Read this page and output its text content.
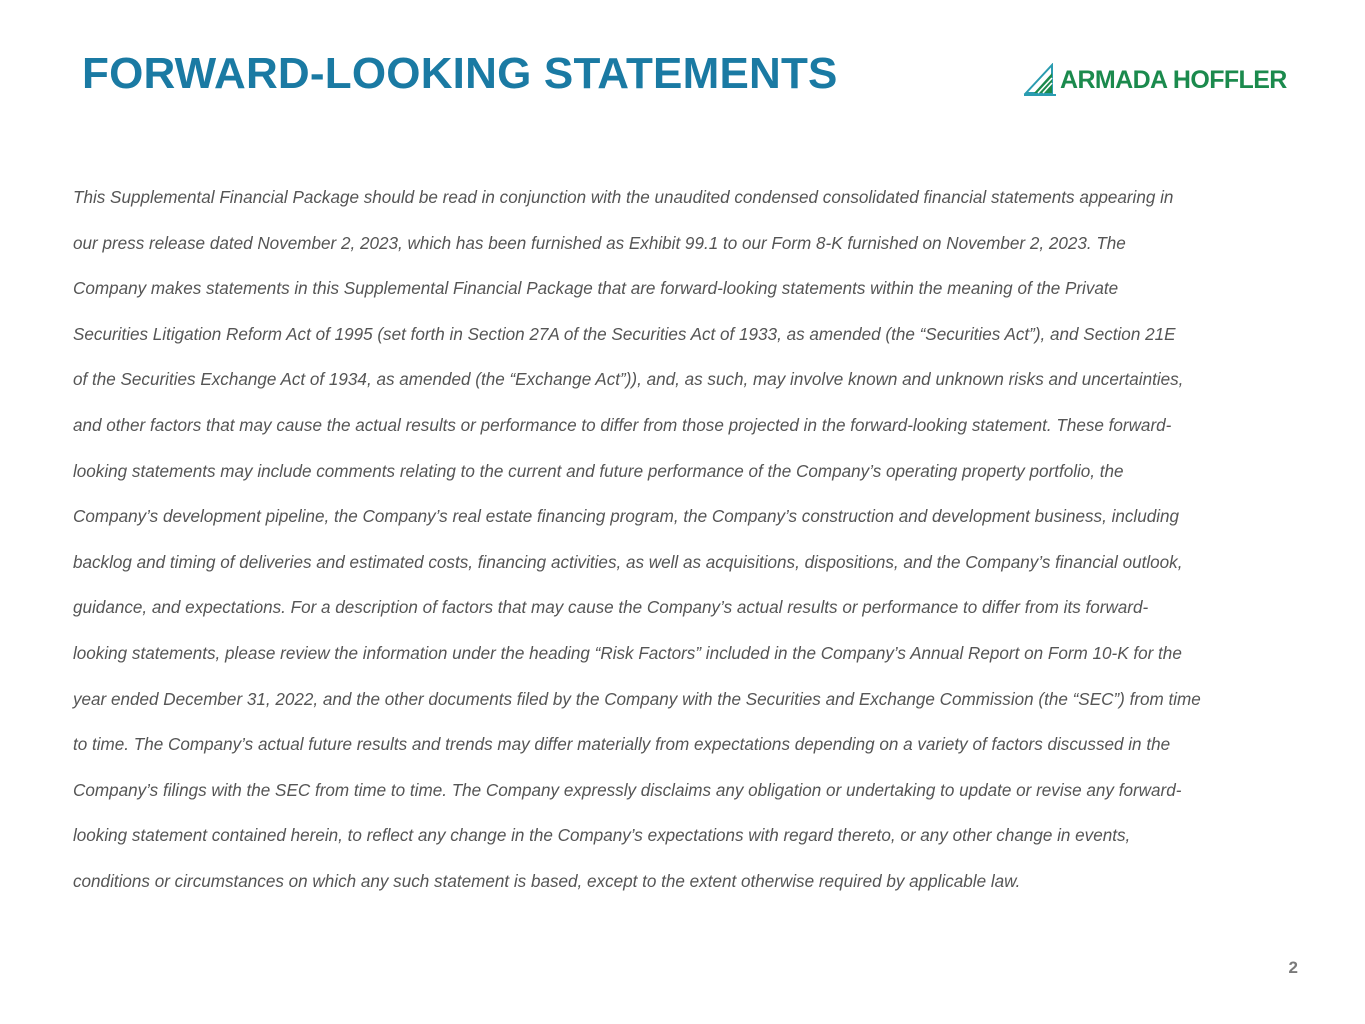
FORWARD-LOOKING STATEMENTS	ARMADA HOFFLER

This Supplemental Financial Package should be read in conjunction with the unaudited condensed consolidated financial statements appearing in
our press release dated November 2, 2023, which has been furnished as Exhibit 99.1 to our Form 8-K furnished on November 2, 2023. The
Company makes statements in this Supplemental Financial Package that are forward-looking statements within the meaning of the Private
Securities Litigation Reform Act of 1995 (set forth in Section 27A of the Securities Act of 1933, as amended (the “Securities Act”), and Section 21E
of the Securities Exchange Act of 1934, as amended (the “Exchange Act”)), and, as such, may involve known and unknown risks and uncertainties,
and other factors that may cause the actual results or performance to differ from those projected in the forward-looking statement. These forward-
looking statements may include comments relating to the current and future performance of the Company’s operating property portfolio, the
Company’s development pipeline, the Company’s real estate financing program, the Company’s construction and development business, including
backlog and timing of deliveries and estimated costs, financing activities, as well as acquisitions, dispositions, and the Company’s financial outlook,
guidance, and expectations. For a description of factors that may cause the Company’s actual results or performance to differ from its forward-
looking statements, please review the information under the heading “Risk Factors” included in the Company’s Annual Report on Form 10-K for the
year ended December 31, 2022, and the other documents filed by the Company with the Securities and Exchange Commission (the “SEC”) from time
to time. The Company’s actual future results and trends may differ materially from expectations depending on a variety of factors discussed in the
Company’s filings with the SEC from time to time. The Company expressly disclaims any obligation or undertaking to update or revise any forward-
looking statement contained herein, to reflect any change in the Company’s expectations with regard thereto, or any other change in events,
conditions or circumstances on which any such statement is based, except to the extent otherwise required by applicable law.

2
